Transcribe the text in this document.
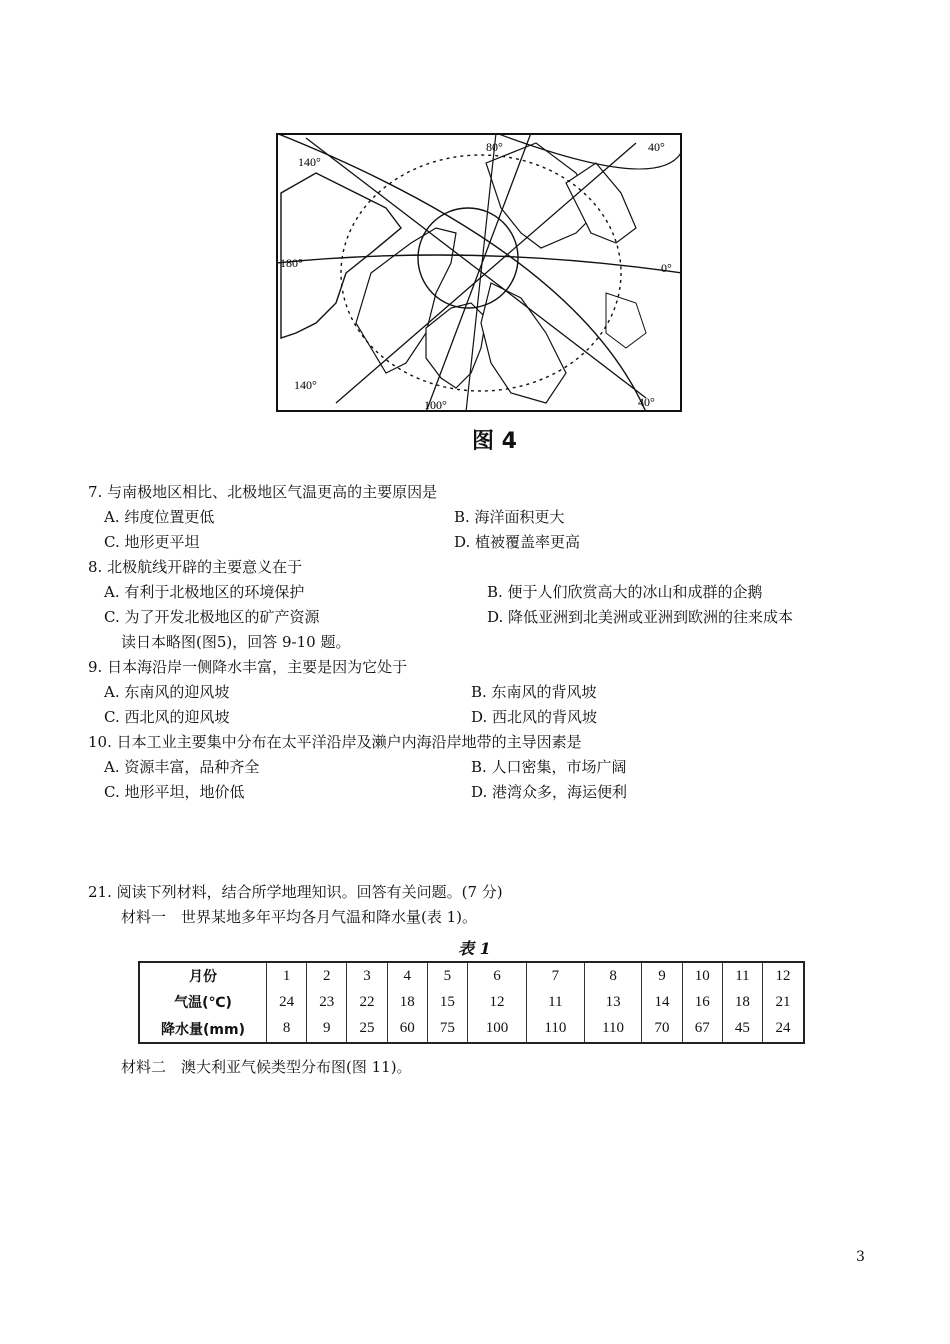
140°
80°	40°
180°	0°
140°
100°	40°
图 4
7. 与南极地区相比、北极地区气温更高的主要原因是
A. 纬度位置更低	B. 海洋面积更大
C. 地形更平坦	D. 植被覆盖率更高
8. 北极航线开辟的主要意义在于
A. 有利于北极地区的环境保护	B. 便于人们欣赏高大的冰山和成群的企鹅
C. 为了开发北极地区的矿产资源	D. 降低亚洲到北美洲或亚洲到欧洲的往来成本
读日本略图(图5)，回答 9-10 题。
9. 日本海沿岸一侧降水丰富，主要是因为它处于
A. 东南风的迎风坡	B. 东南风的背风坡
C. 西北风的迎风坡	D. 西北风的背风坡
10. 日本工业主要集中分布在太平洋沿岸及濑户内海沿岸地带的主导因素是
A. 资源丰富，品种齐全	B. 人口密集，市场广阔
C. 地形平坦，地价低	D. 港湾众多，海运便利
21. 阅读下列材料，结合所学地理知识。回答有关问题。(7 分)
材料一　世界某地多年平均各月气温和降水量(表 1)。
表 1
月份	1	2	3	4	5	6	7	8	9	10	11	12
气温(℃)	24	23	22	18	15	12	11	13	14	16	18	21
降水量(mm)	8	9	25	60	75	100	110	110	70	67	45	24
材料二　澳大利亚气候类型分布图(图 11)。
3
